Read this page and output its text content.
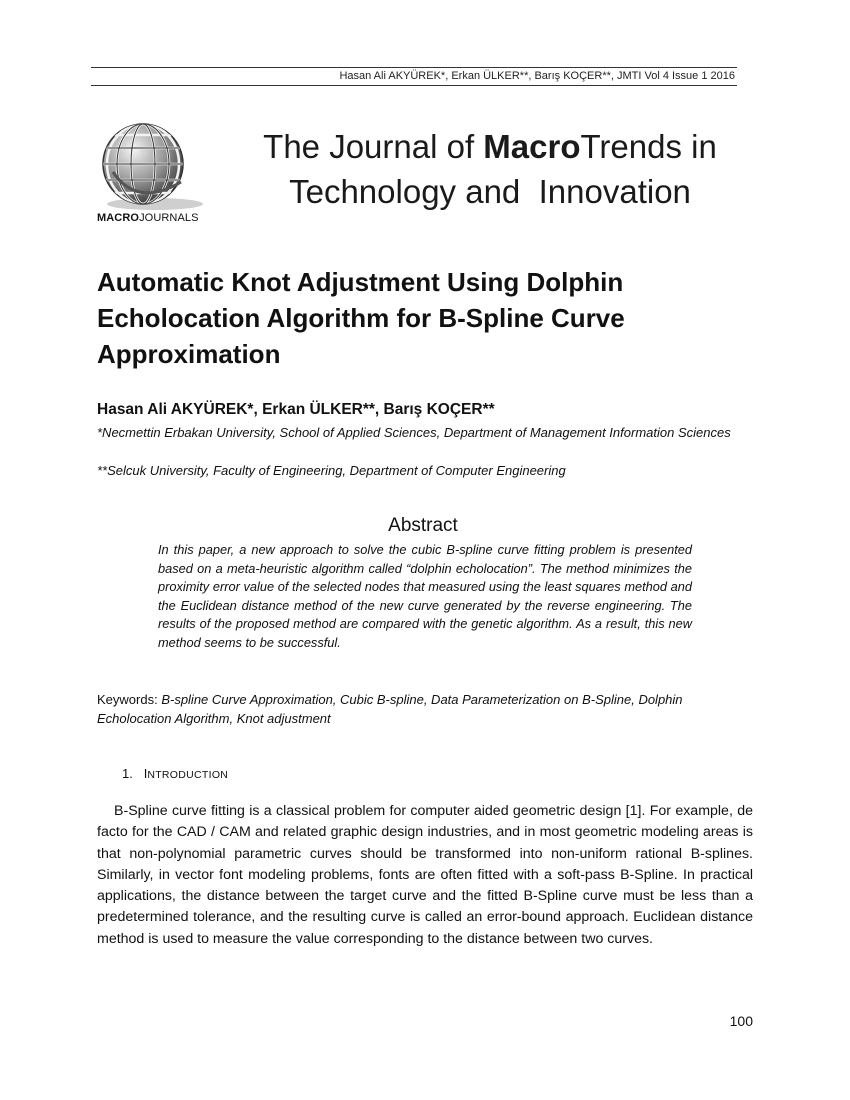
Hasan Ali AKYÜREK*, Erkan ÜLKER**, Barış KOÇER**, JMTI Vol 4 Issue 1 2016
MACROJOURNALS
The Journal of MacroTrends in
Technology and  Innovation
Automatic Knot Adjustment Using Dolphin Echolocation Algorithm for B-Spline Curve Approximation
Hasan Ali AKYÜREK*, Erkan ÜLKER**, Barış KOÇER**
*Necmettin Erbakan University, School of Applied Sciences, Department of Management Information Sciences
**Selcuk University, Faculty of Engineering, Department of Computer Engineering
Abstract
In this paper, a new approach to solve the cubic B-spline curve fitting problem is presented based on a meta-heuristic algorithm called “dolphin echolocation”. The method minimizes the proximity error value of the selected nodes that measured using the least squares method and the Euclidean distance method of the new curve generated by the reverse engineering. The results of the proposed method are compared with the genetic algorithm. As a result, this new method seems to be successful.
Keywords: B-spline Curve Approximation, Cubic B-spline, Data Parameterization on B-Spline, Dolphin Echolocation Algorithm, Knot adjustment
1. INTRODUCTION
B-Spline curve fitting is a classical problem for computer aided geometric design [1]. For example, de facto for the CAD / CAM and related graphic design industries, and in most geometric modeling areas is that non-polynomial parametric curves should be transformed into non-uniform rational B-splines. Similarly, in vector font modeling problems, fonts are often fitted with a soft-pass B-Spline. In practical applications, the distance between the target curve and the fitted B-Spline curve must be less than a predetermined tolerance, and the resulting curve is called an error-bound approach. Euclidean distance method is used to measure the value corresponding to the distance between two curves.
100
